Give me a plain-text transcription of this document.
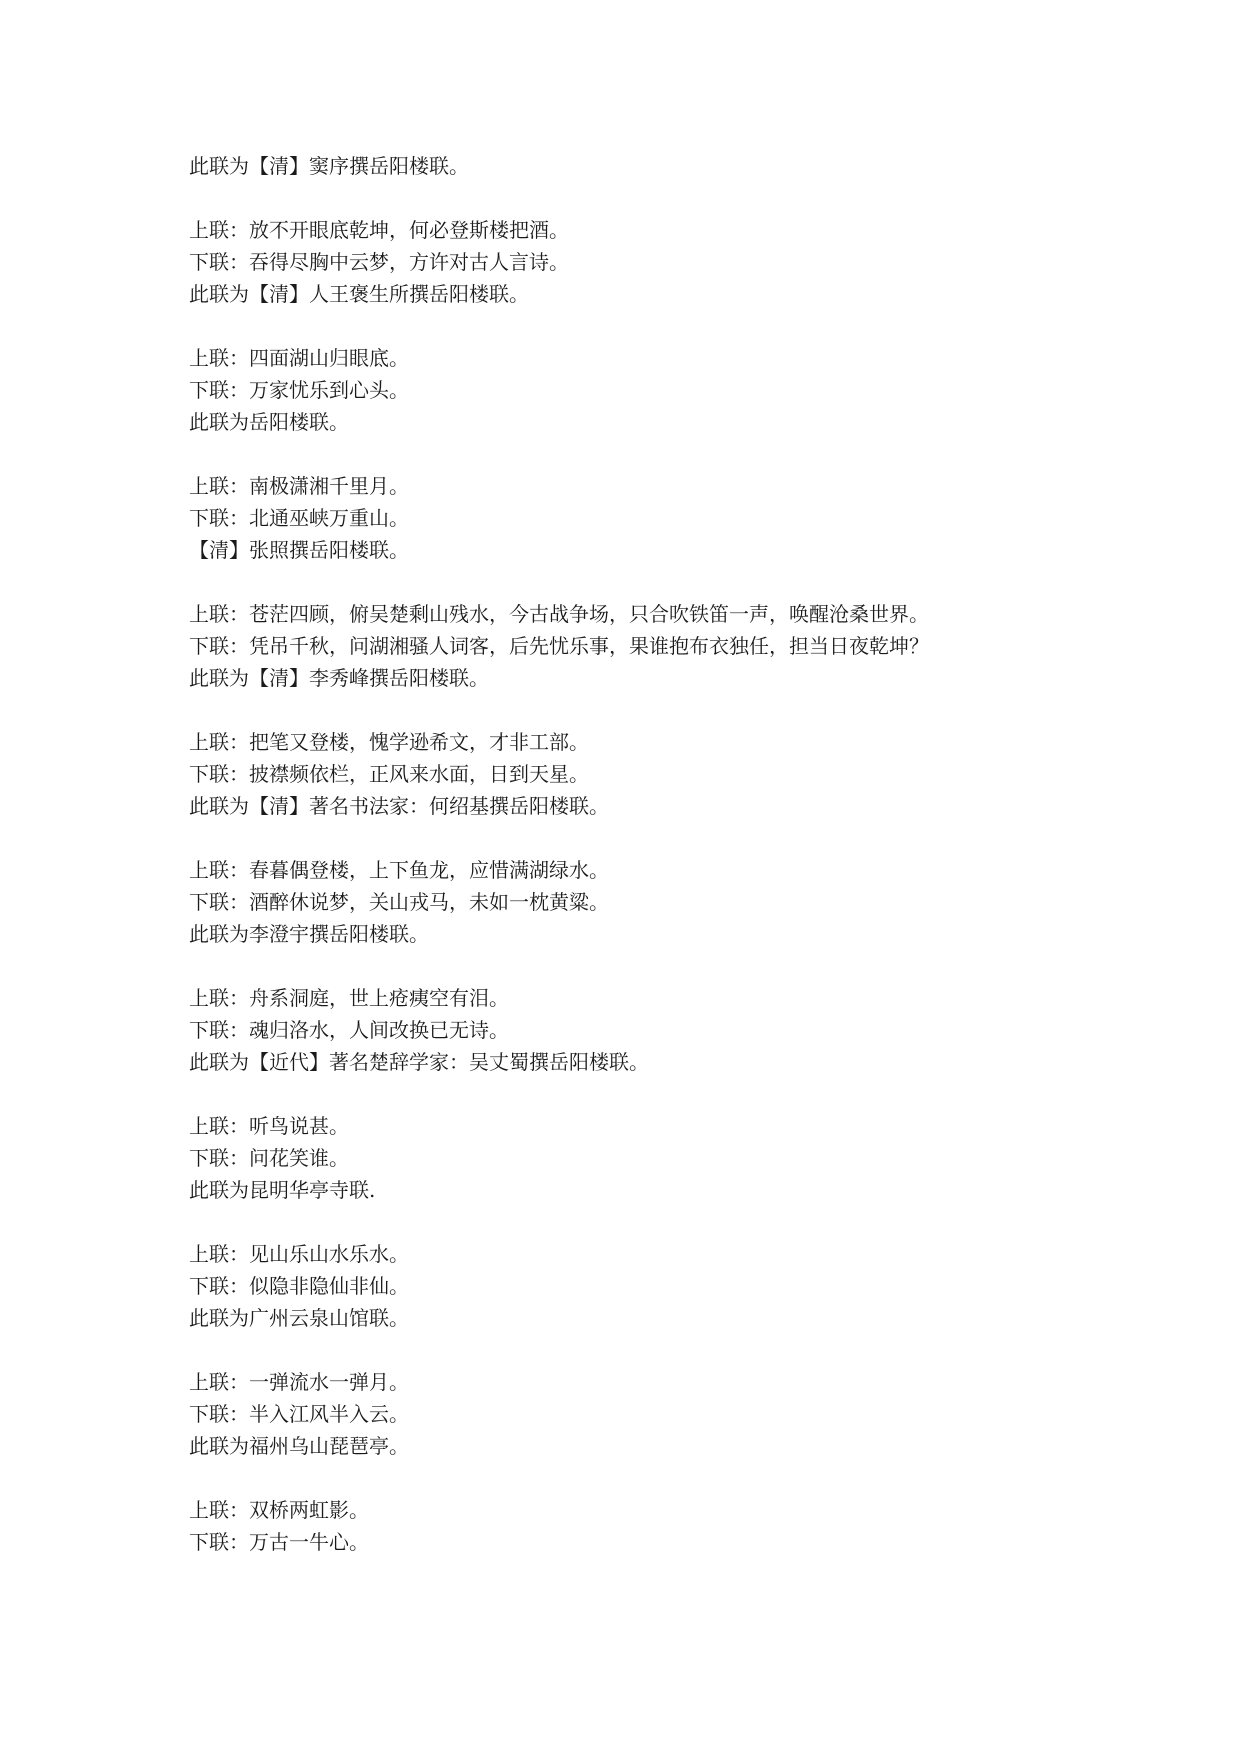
此联为【清】窦序撰岳阳楼联。
上联：放不开眼底乾坤，何必登斯楼把酒。
下联：吞得尽胸中云梦，方许对古人言诗。
此联为【清】人王褒生所撰岳阳楼联。
上联：四面湖山归眼底。
下联：万家忧乐到心头。
此联为岳阳楼联。
上联：南极潇湘千里月。
下联：北通巫峡万重山。
【清】张照撰岳阳楼联。
上联：苍茫四顾，俯吴楚剩山残水，今古战争场，只合吹铁笛一声，唤醒沧桑世界。
下联：凭吊千秋，问湖湘骚人词客，后先忧乐事，果谁抱布衣独任，担当日夜乾坤？
此联为【清】李秀峰撰岳阳楼联。
上联：把笔又登楼，愧学逊希文，才非工部。
下联：披襟频依栏，正风来水面，日到天星。
此联为【清】著名书法家：何绍基撰岳阳楼联。
上联：春暮偶登楼，上下鱼龙，应惜满湖绿水。
下联：酒醉休说梦，关山戎马，未如一枕黄粱。
此联为李澄宇撰岳阳楼联。
上联：舟系洞庭，世上疮痍空有泪。
下联：魂归洛水，人间改换已无诗。
此联为【近代】著名楚辞学家：吴丈蜀撰岳阳楼联。
上联：听鸟说甚。
下联：问花笑谁。
此联为昆明华亭寺联.
上联：见山乐山水乐水。
下联：似隐非隐仙非仙。
此联为广州云泉山馆联。
上联：一弹流水一弹月。
下联：半入江风半入云。
此联为福州乌山琵琶亭。
上联：双桥两虹影。
下联：万古一牛心。
